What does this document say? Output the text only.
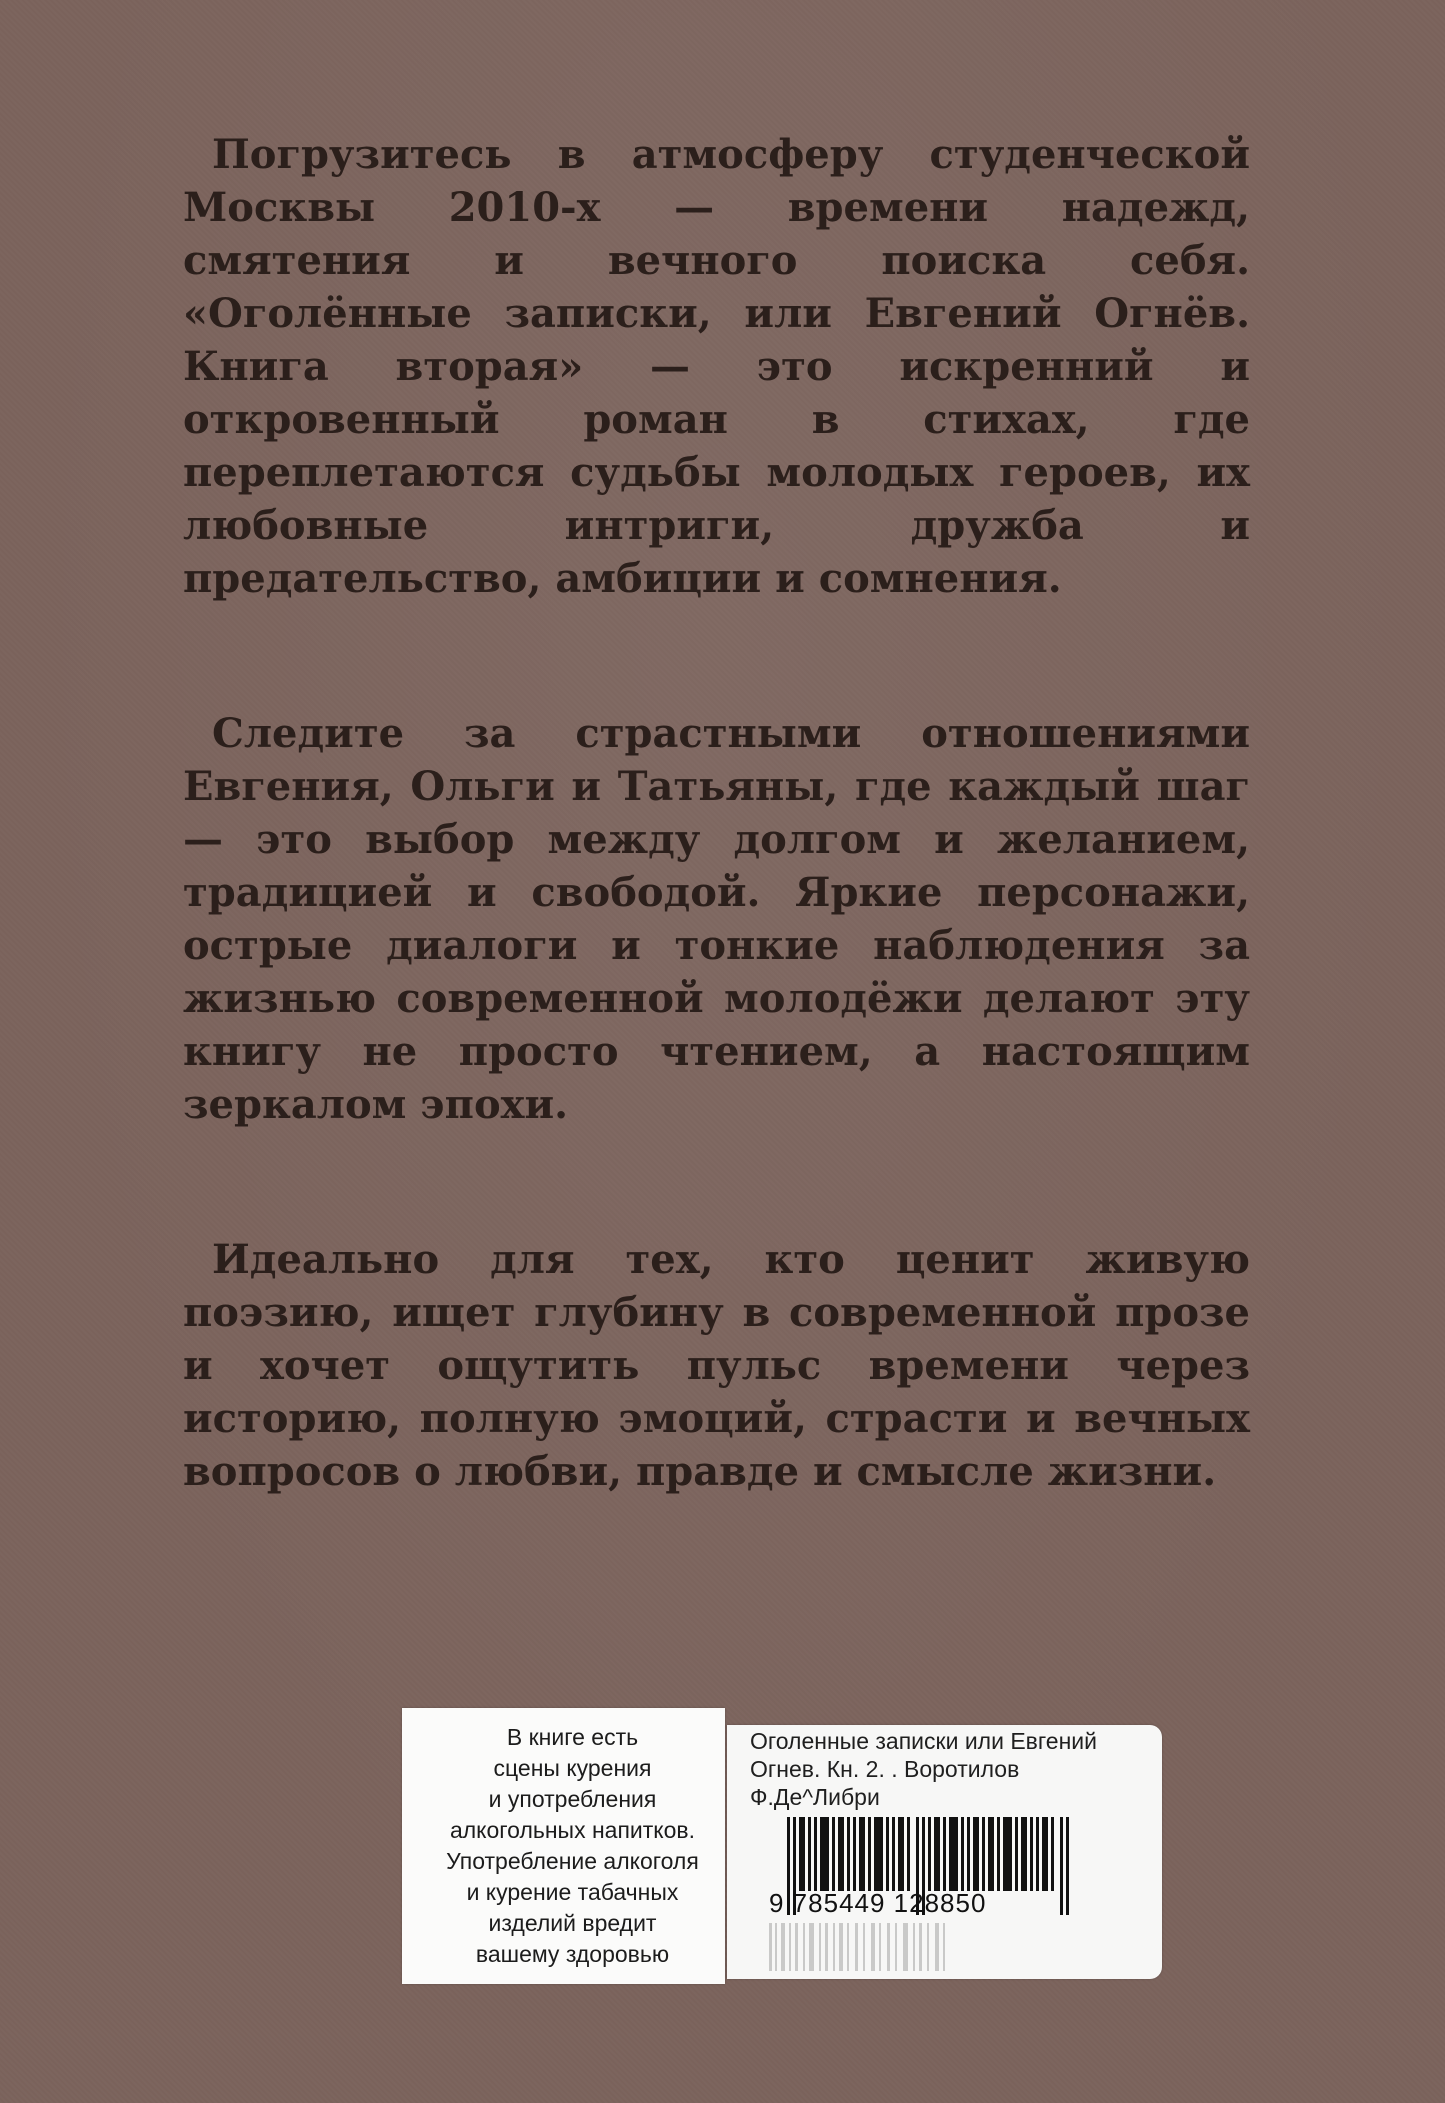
Погрузитесь в атмосферу студенческой Москвы 2010-х — времени надежд, смятения и вечного поиска себя. «Оголённые записки, или Евгений Огнёв. Книга вторая» — это искренний и откровенный роман в стихах, где переплетаются судьбы молодых героев, их любовные интриги, дружба и предательство, амбиции и сомнения.

Следите за страстными отношениями Евгения, Ольги и Татьяны, где каждый шаг — это выбор между долгом и желанием, традицией и свободой. Яркие персонажи, острые диалоги и тонкие наблюдения за жизнью современной молодёжи делают эту книгу не просто чтением, а настоящим зеркалом эпохи.

Идеально для тех, кто ценит живую поэзию, ищет глубину в современной прозе и хочет ощутить пульс времени через историю, полную эмоций, страсти и вечных вопросов о любви, правде и смысле жизни.

В книге есть
сцены курения
и употребления
алкогольных напитков.
Употребление алкоголя
и курение табачных
изделий вредит
вашему здоровью
Оголенные записки или Евгений
Огнев. Кн. 2. . Воротилов
Ф.Де^Либри
9 785449 128850
